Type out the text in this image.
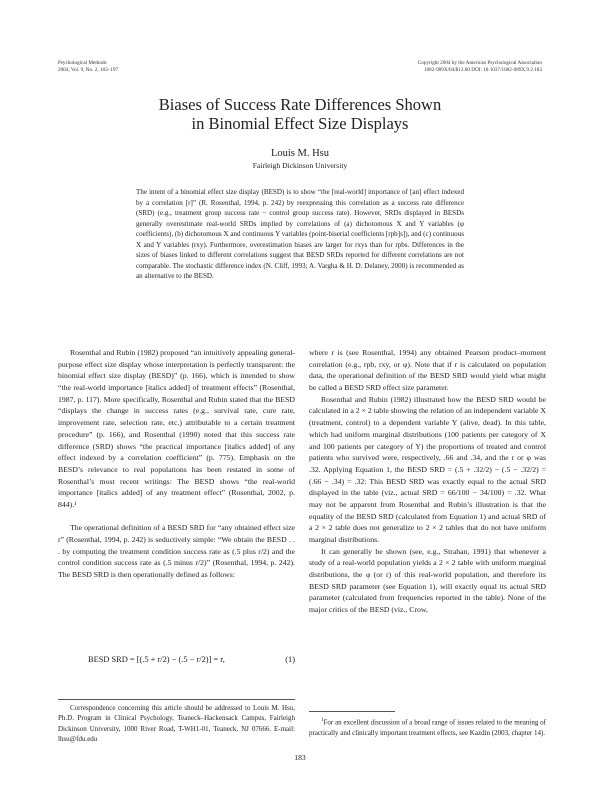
Psychological Methods
2004, Vol. 9, No. 2, 183–197
Copyright 2004 by the American Psychological Association
1082-989X/04/$12.00 DOI: 10.1037/1082-989X.9.2.183
Biases of Success Rate Differences Shown
in Binomial Effect Size Displays
Louis M. Hsu
Fairleigh Dickinson University

The intent of a binomial effect size display (BESD) is to show “the [real-world] importance of [an] effect indexed by a correlation [r]” (R. Rosenthal, 1994, p. 242) by reexpressing this correlation as a success rate difference (SRD) (e.g., treatment group success rate − control group success rate). However, SRDs displayed in BESDs generally overestimate real-world SRDs implied by correlations of (a) dichotomous X and Y variables (φ coefficients), (b) dichotomous X and continuous Y variables (point-biserial coefficients [rpb]s]), and (c) continuous X and Y variables (rxy). Furthermore, overestimation biases are larger for rxys than for rpbs. Differences in the sizes of biases linked to different correlations suggest that BESD SRDs reported for different correlations are not comparable. The stochastic difference index (N. Cliff, 1993; A. Vargha & H. D. Delaney, 2000) is recommended as an alternative to the BESD.

Rosenthal and Rubin (1982) proposed “an intuitively appealing general-purpose effect size display whose interpretation is perfectly transparent: the binomial effect size display (BESD)” (p. 166), which is intended to show “the real-world importance [italics added] of treatment effects” (Rosenthal, 1987, p. 117). More specifically, Rosenthal and Rubin stated that the BESD “displays the change in success rates (e.g., survival rate, cure rate, improvement rate, selection rate, etc.) attributable to a certain treatment procedure” (p. 166), and Rosenthal (1990) noted that this success rate difference (SRD) shows “the practical importance [italics added] of any effect indexed by a correlation coefficient” (p. 775). Emphasis on the BESD’s relevance to real populations has been restated in some of Rosenthal’s most recent writings: The BESD shows “the real-world importance [italics added] of any treatment effect” (Rosenthal, 2002, p. 844).¹

The operational definition of a BESD SRD for “any obtained effect size r” (Rosenthal, 1994, p. 242) is seductively simple: “We obtain the BESD . . . by computing the treatment condition success rate as (.5 plus r/2) and the control condition success rate as (.5 minus r/2)” (Rosenthal, 1994, p. 242). The BESD SRD is then operationally defined as follows:

BESD SRD = [(.5 + r/2) − (.5 − r/2)] = r,	(1)

where r is (see Rosenthal, 1994) any obtained Pearson product–moment correlation (e.g., rpb, rxy, or φ). Note that if r is calculated on population data, the operational definition of the BESD SRD would yield what might be called a BESD SRD effect size parameter.

Rosenthal and Rubin (1982) illustrated how the BESD SRD would be calculated in a 2 × 2 table showing the relation of an independent variable X (treatment, control) to a dependent variable Y (alive, dead). In this table, which had uniform marginal distributions (100 patients per category of X and 100 patients per category of Y) the proportions of treated and control patients who survived were, respectively, .66 and .34, and the r or φ was .32. Applying Equation 1, the BESD SRD = (.5 + .32/2) − (.5 − .32/2) = (.66 − .34) = .32: This BESD SRD was exactly equal to the actual SRD displayed in the table (viz., actual SRD = 66/100 − 34/100) = .32. What may not be apparent from Rosenthal and Rubin’s illustration is that the equality of the BESD SRD (calculated from Equation 1) and actual SRD of a 2 × 2 table does not generalize to 2 × 2 tables that do not have uniform marginal distributions.

It can generally be shown (see, e.g., Strahan, 1991) that whenever a study of a real-world population yields a 2 × 2 table with uniform marginal distributions, the φ (or r) of this real-world population, and therefore its BESD SRD parameter (see Equation 1), will exactly equal its actual SRD parameter (calculated from frequencies reported in the table). None of the major critics of the BESD (viz., Crow,

Correspondence concerning this article should be addressed to Louis M. Hsu, Ph.D. Program in Clinical Psychology, Teaneck–Hackensack Campus, Fairleigh Dickinson University, 1000 River Road, T-WH1-01, Teaneck, NJ 07666. E-mail: lhsu@fdu.edu

$^1$For an excellent discussion of a broad range of issues related to the meaning of practically and clinically important treatment effects, see Kazdin (2003, chapter 14).

183
